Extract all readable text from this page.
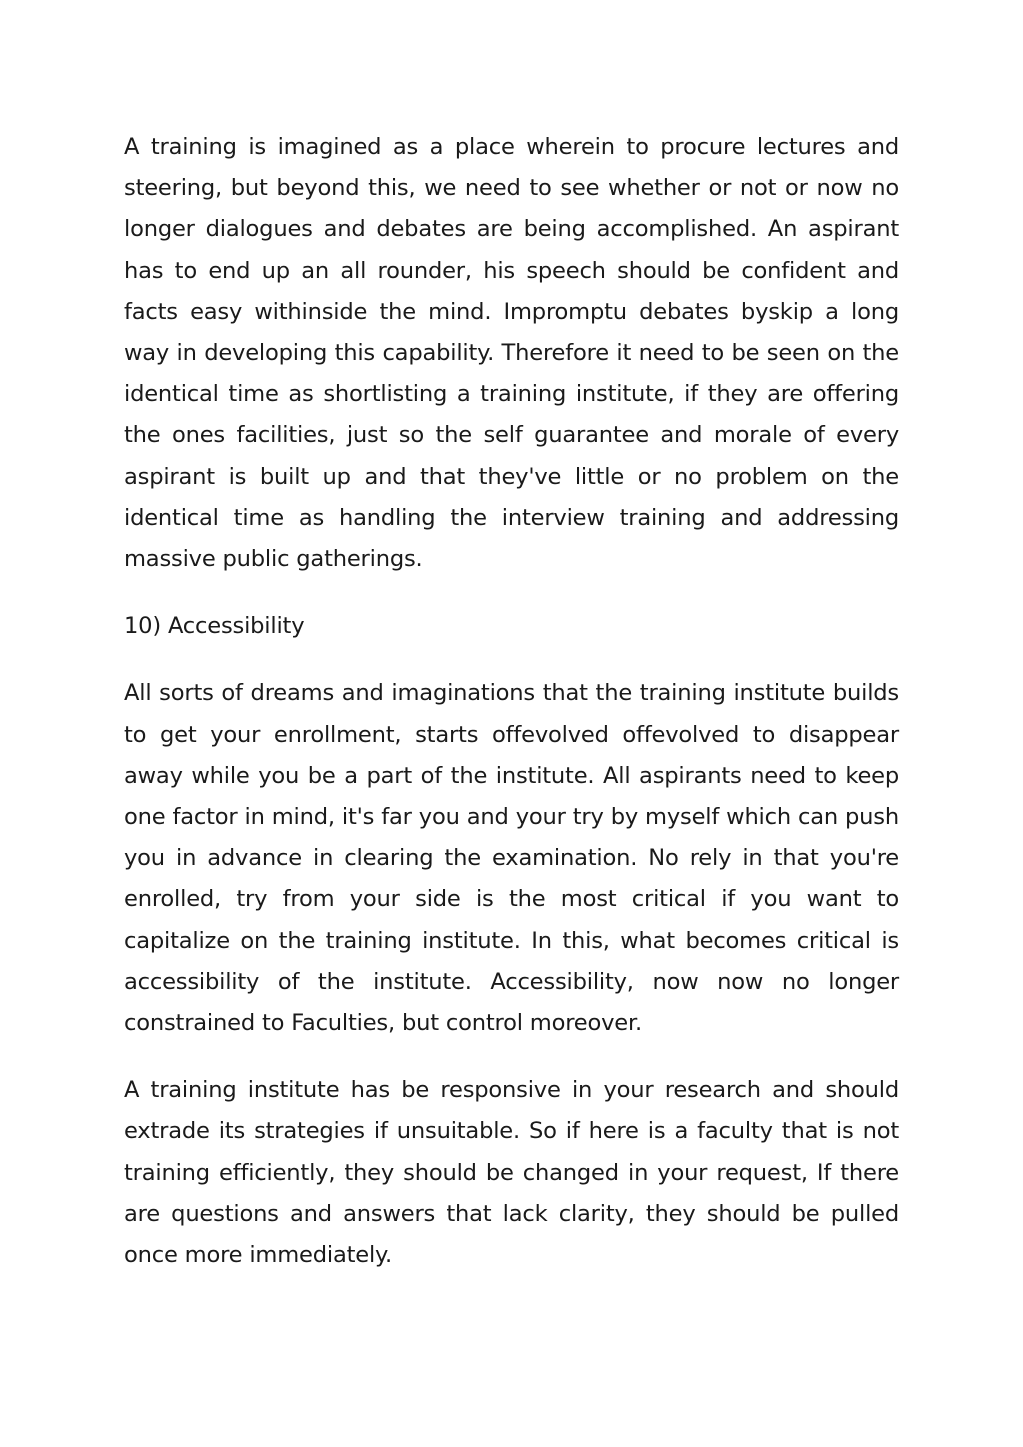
A training is imagined as a place wherein to procure lectures and steering, but beyond this, we need to see whether or not or now no longer dialogues and debates are being accomplished. An aspirant has to end up an all rounder, his speech should be confident and facts easy withinside the mind. Impromptu debates byskip a long way in developing this capability. Therefore it need to be seen on the identical time as shortlisting a training institute, if they are offering the ones facilities, just so the self guarantee and morale of every aspirant is built up and that they've little or no problem on the identical time as handling the interview training and addressing massive public gatherings.

10) Accessibility

All sorts of dreams and imaginations that the training institute builds to get your enrollment, starts offevolved offevolved to disappear away while you be a part of the institute. All aspirants need to keep one factor in mind, it's far you and your try by myself which can push you in advance in clearing the examination. No rely in that you're enrolled, try from your side is the most critical if you want to capitalize on the training institute. In this, what becomes critical is accessibility of the institute. Accessibility, now now no longer constrained to Faculties, but control moreover.

A training institute has be responsive in your research and should extrade its strategies if unsuitable. So if here is a faculty that is not training efficiently, they should be changed in your request, If there are questions and answers that lack clarity, they should be pulled once more immediately.
